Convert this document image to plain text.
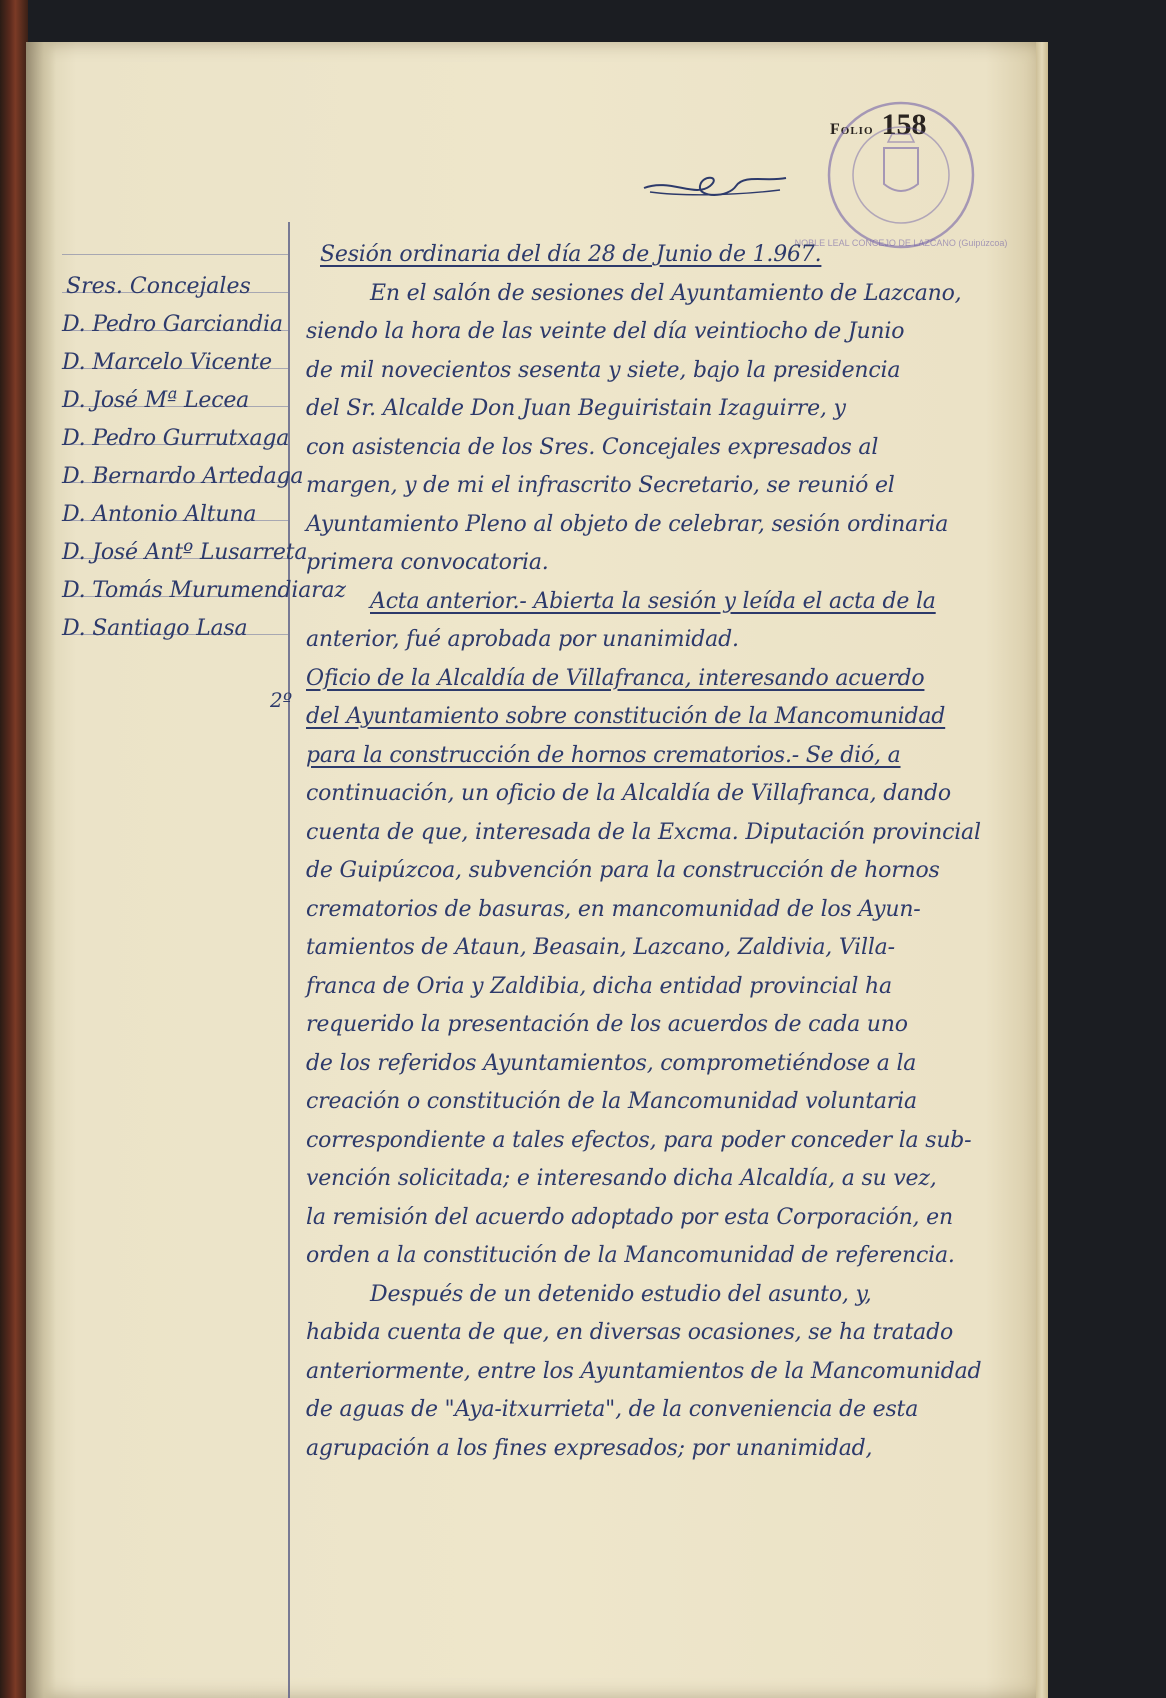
Folio 158
NOBLE LEAL CONCEJO DE LAZCANO (Guipúzcoa)
Sres. Concejales
D. Pedro Garciandia
D. Marcelo Vicente
D. José Mª Lecea
D. Pedro Gurrutxaga
D. Bernardo Artedaga
D. Antonio Altuna
D. José Antº Lusarreta
D. Tomás Murumendiaraz
D. Santiago Lasa
2º
Sesión ordinaria del día 28 de Junio de 1.967.
En el salón de sesiones del Ayuntamiento de Lazcano,
siendo la hora de las veinte del día veintiocho de Junio
de mil novecientos sesenta y siete, bajo la presidencia
del Sr. Alcalde Don Juan Beguiristain Izaguirre, y
con asistencia de los Sres. Concejales expresados al
margen, y de mi el infrascrito Secretario, se reunió el
Ayuntamiento Pleno al objeto de celebrar, sesión ordinaria
primera convocatoria.
Acta anterior.- Abierta la sesión y leída el acta de la
anterior, fué aprobada por unanimidad.
Oficio de la Alcaldía de Villafranca, interesando acuerdo
del Ayuntamiento sobre constitución de la Mancomunidad
para la construcción de hornos crematorios.- Se dió, a
continuación, un oficio de la Alcaldía de Villafranca, dando
cuenta de que, interesada de la Excma. Diputación provincial
de Guipúzcoa, subvención para la construcción de hornos
crematorios de basuras, en mancomunidad de los Ayun-
tamientos de Ataun, Beasain, Lazcano, Zaldivia, Villa-
franca de Oria y Zaldibia, dicha entidad provincial ha
requerido la presentación de los acuerdos de cada uno
de los referidos Ayuntamientos, comprometiéndose a la
creación o constitución de la Mancomunidad voluntaria
correspondiente a tales efectos, para poder conceder la sub-
vención solicitada; e interesando dicha Alcaldía, a su vez,
la remisión del acuerdo adoptado por esta Corporación, en
orden a la constitución de la Mancomunidad de referencia.
Después de un detenido estudio del asunto, y,
habida cuenta de que, en diversas ocasiones, se ha tratado
anteriormente, entre los Ayuntamientos de la Mancomunidad
de aguas de "Aya-itxurrieta", de la conveniencia de esta
agrupación a los fines expresados; por unanimidad,
